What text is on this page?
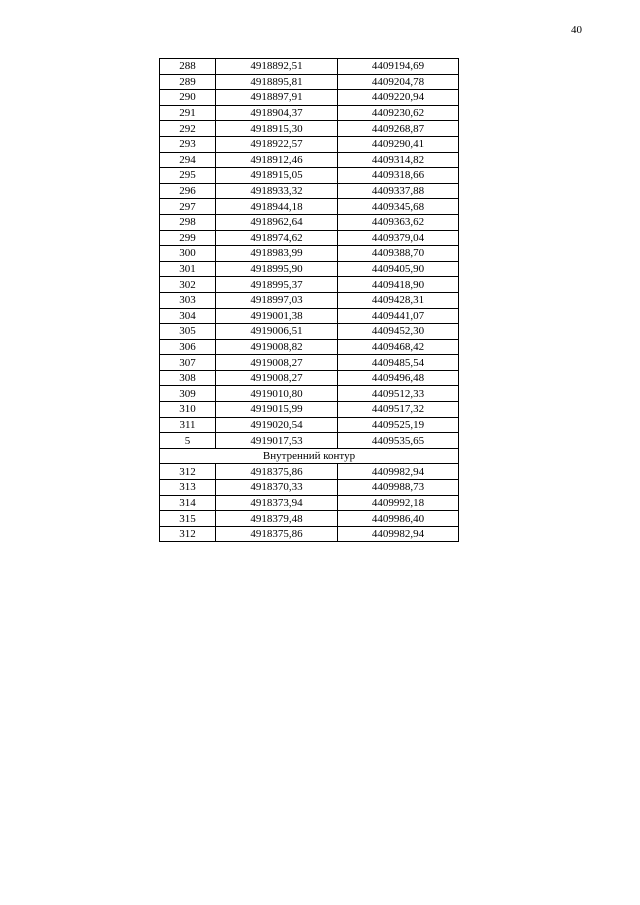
40
288	4918892,51	4409194,69
289	4918895,81	4409204,78
290	4918897,91	4409220,94
291	4918904,37	4409230,62
292	4918915,30	4409268,87
293	4918922,57	4409290,41
294	4918912,46	4409314,82
295	4918915,05	4409318,66
296	4918933,32	4409337,88
297	4918944,18	4409345,68
298	4918962,64	4409363,62
299	4918974,62	4409379,04
300	4918983,99	4409388,70
301	4918995,90	4409405,90
302	4918995,37	4409418,90
303	4918997,03	4409428,31
304	4919001,38	4409441,07
305	4919006,51	4409452,30
306	4919008,82	4409468,42
307	4919008,27	4409485,54
308	4919008,27	4409496,48
309	4919010,80	4409512,33
310	4919015,99	4409517,32
311	4919020,54	4409525,19
5	4919017,53	4409535,65
Внутренний контур		
312	4918375,86	4409982,94
313	4918370,33	4409988,73
314	4918373,94	4409992,18
315	4918379,48	4409986,40
312	4918375,86	4409982,94
